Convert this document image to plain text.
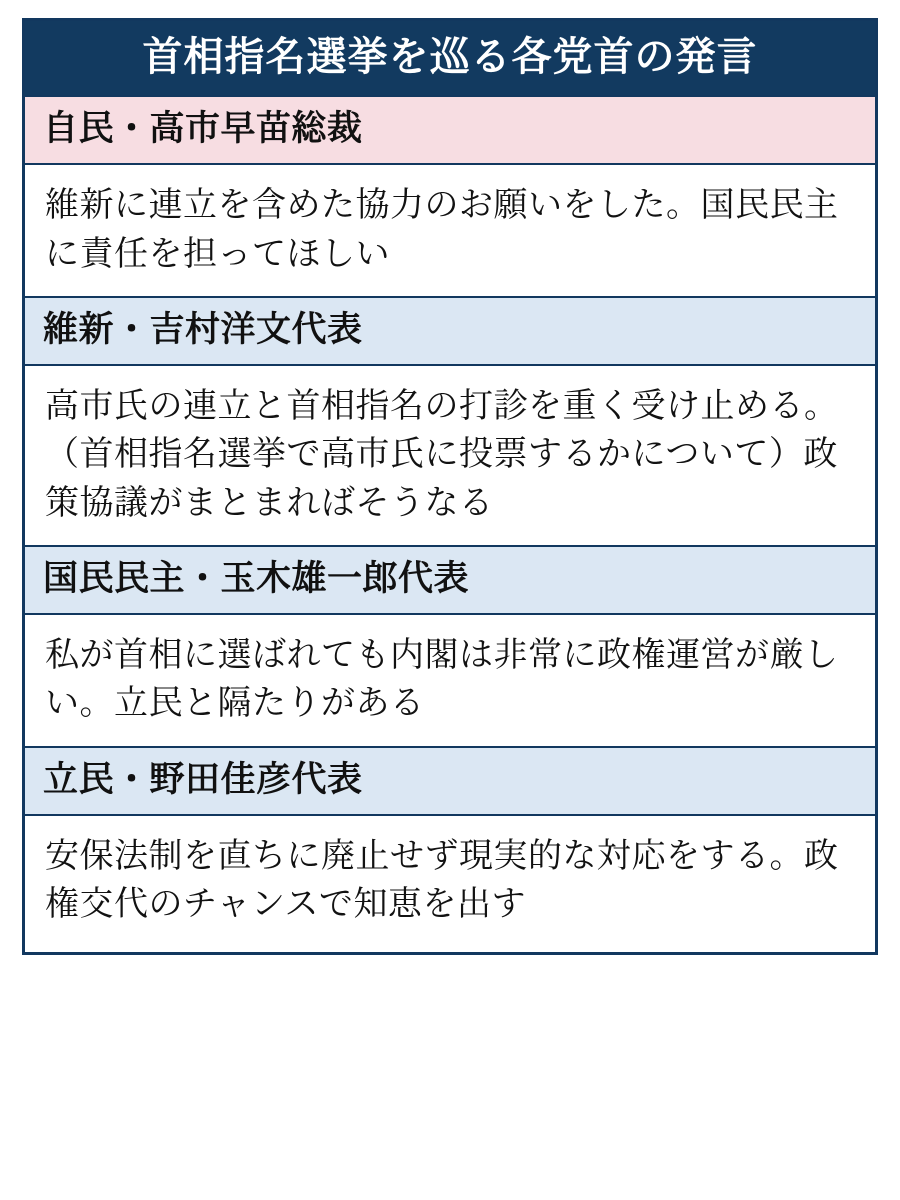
首相指名選挙を巡る各党首の発言
自民・高市早苗総裁
維新に連立を含めた協力のお願いをした。国民民主に責任を担ってほしい
維新・吉村洋文代表
高市氏の連立と首相指名の打診を重く受け止める。（首相指名選挙で高市氏に投票するかについて）政策協議がまとまればそうなる
国民民主・玉木雄一郎代表
私が首相に選ばれても内閣は非常に政権運営が厳しい。立民と隔たりがある
立民・野田佳彦代表
安保法制を直ちに廃止せず現実的な対応をする。政権交代のチャンスで知恵を出す
